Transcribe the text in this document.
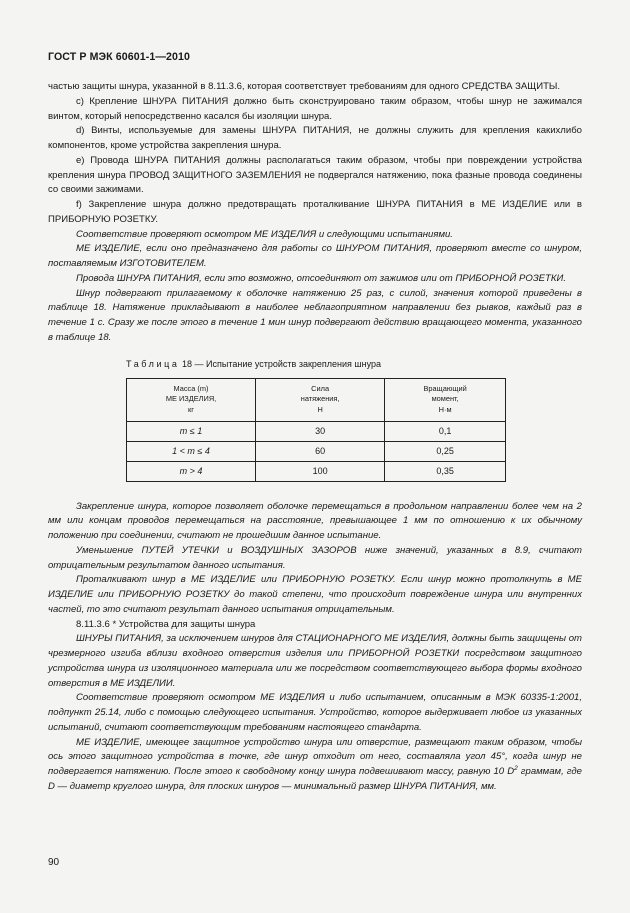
ГОСТ Р МЭК 60601-1—2010

частью защиты шнура, указанной в 8.11.3.6, которая соответствует требованиям для одного СРЕДСТВА ЗАЩИТЫ.

с) Крепление ШНУРА ПИТАНИЯ должно быть сконструировано таким образом, чтобы шнур не зажимался винтом, который непосредственно касался бы изоляции шнура.

d) Винты, используемые для замены ШНУРА ПИТАНИЯ, не должны служить для крепления какихлибо компонентов, кроме устройства закрепления шнура.

е) Провода ШНУРА ПИТАНИЯ должны располагаться таким образом, чтобы при повреждении устройства крепления шнура ПРОВОД ЗАЩИТНОГО ЗАЗЕМЛЕНИЯ не подвергался натяжению, пока фазные провода соединены со своими зажимами.

f) Закрепление шнура должно предотвращать проталкивание ШНУРА ПИТАНИЯ в МЕ ИЗДЕЛИЕ или в ПРИБОРНУЮ РОЗЕТКУ.

Соответствие проверяют осмотром МЕ ИЗДЕЛИЯ и следующими испытаниями.

МЕ ИЗДЕЛИЕ, если оно предназначено для работы со ШНУРОМ ПИТАНИЯ, проверяют вместе со шнуром, поставляемым ИЗГОТОВИТЕЛЕМ.

Провода ШНУРА ПИТАНИЯ, если это возможно, отсоединяют от зажимов или от ПРИБОРНОЙ РОЗЕТКИ.

Шнур подвергают прилагаемому к оболочке натяжению 25 раз, с силой, значения которой приведены в таблице 18. Натяжение прикладывают в наиболее неблагоприятном направлении без рывков, каждый раз в течение 1 с. Сразу же после этого в течение 1 мин шнур подвергают действию вращающего момента, указанного в таблице 18.

Таблица 18 — Испытание устройств закрепления шнура
Масса (m)
МЕ ИЗДЕЛИЯ,
кг	Сила
натяжения,
Н	Вращающий
момент,
Н·м
m ≤ 1	30	0,1
1 < m ≤ 4	60	0,25
m > 4	100	0,35

Закрепление шнура, которое позволяет оболочке перемещаться в продольном направлении более чем на 2 мм или концам проводов перемещаться на расстояние, превышающее 1 мм по отношению к их обычному положению при соединении, считают не прошедшим данное испытание.

Уменьшение ПУТЕЙ УТЕЧКИ и ВОЗДУШНЫХ ЗАЗОРОВ ниже значений, указанных в 8.9, считают отрицательным результатом данного испытания.

Проталкивают шнур в МЕ ИЗДЕЛИЕ или ПРИБОРНУЮ РОЗЕТКУ. Если шнур можно протолкнуть в МЕ ИЗДЕЛИЕ или ПРИБОРНУЮ РОЗЕТКУ до такой степени, что происходит повреждение шнура или внутренних частей, то это считают результат данного испытания отрицательным.

8.11.3.6 * Устройства для защиты шнура

ШНУРЫ ПИТАНИЯ, за исключением шнуров для СТАЦИОНАРНОГО МЕ ИЗДЕЛИЯ, должны быть защищены от чрезмерного изгиба вблизи входного отверстия изделия или ПРИБОРНОЙ РОЗЕТКИ посредством защитного устройства шнура из изоляционного материала или же посредством соответствующего выбора формы входного отверстия в МЕ ИЗДЕЛИИ.

Соответствие проверяют осмотром МЕ ИЗДЕЛИЯ и либо испытанием, описанным в МЭК 60335-1:2001, подпункт 25.14, либо с помощью следующего испытания. Устройство, которое выдерживает любое из указанных испытаний, считают соответствующим требованиям настоящего стандарта.

МЕ ИЗДЕЛИЕ, имеющее защитное устройство шнура или отверстие, размещают таким образом, чтобы ось этого защитного устройства в точке, где шнур отходит от него, составляла угол 45°, когда шнур не подвергается натяжению. После этого к свободному концу шнура подвешивают массу, равную 10 $D^2$ граммам, где D — диаметр круглого шнура, для плоских шнуров — минимальный размер ШНУРА ПИТАНИЯ, мм.

90
